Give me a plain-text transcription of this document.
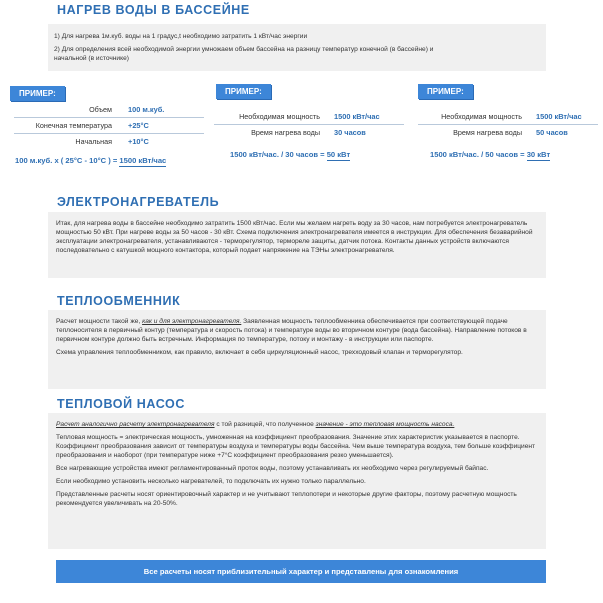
НАГРЕВ ВОДЫ В БАССЕЙНЕ

1) Для нагрева 1м.куб. воды на 1 градус,t необходимо затратить 1 кВт/час энергии

2) Для определения всей необходимой энергии умножаем объем бассейна на разницу температур конечной (в бассейне) и начальной (в источнике)

ПРИМЕР:
Объем 100 м.куб.
Конечная температура +25°C
Начальная +10°C
100 м.куб. х ( 25°C - 10°C ) = 1500 кВт/час
ПРИМЕР:
Необходимая мощность 1500 кВт/час
Время нагрева воды 30 часов
1500 кВт/час. / 30 часов = 50 кВт
ПРИМЕР:
Необходимая мощность 1500 кВт/час
Время нагрева воды 50 часов
1500 кВт/час. / 50 часов = 30 кВт
ЭЛЕКТРОНАГРЕВАТЕЛЬ

Итак, для нагрева воды в бассейне необходимо затратить 1500 кВт/час. Если мы желаем нагреть воду за 30 часов, нам потребуется электронагреватель мощностью 50 кВт. При нагреве воды за 50 часов - 30 кВт. Схема подключения электронагревателя имеется в инструкции. Для обеспечения безаварийной эксплуатации электронагревателя, устанавливаются - терморегулятор, термореле защиты, датчик потока. Контакты данных устройств включаются последовательно с катушкой мощного контактора, который подает напряжение на ТЭНы электронагревателя.

ТЕПЛООБМЕННИК

Расчет мощности такой же, как и для электронагревателя. Заявленная мощность теплообменника обеспечивается при соответствующей подаче теплоносителя в первичный контур (температура и скорость потока) и температуре воды во вторичном контуре (вода бассейна). Направление потоков в первичном контуре должно быть встречным. Информация по температуре, потоку и монтажу - в инструкции или паспорте.

Схема управления теплообменником, как правило, включает в себя циркуляционный насос, трехходовый клапан и терморегулятор.

ТЕПЛОВОЙ НАСОС

Расчет аналогично расчету электронагревателя с той разницей, что полученное значение - это тепловая мощность насоса.

Тепловая мощность = электрическая мощность, умноженная на коэффициент преобразования. Значение этих характеристик указывается в паспорте. Коэффициент преобразования зависит от температуры воздуха и температуры воды бассейна. Чем выше температура воздуха, тем больше коэффициент преобразования и наоборот (при температуре ниже +7°С коэффициент преобразования резко уменьшается).

Все нагревающие устройства имеют регламентированный проток воды, поэтому устанавливать их необходимо через регулируемый байпас.

Если необходимо установить несколько нагревателей, то подключать их нужно только параллельно.

Представленные расчеты носят ориентировочный характер и не учитывают теплопотери и некоторые другие факторы, поэтому расчетную мощность рекомендуется увеличивать на 20-50%.

Все расчеты носят приблизительный характер и представлены для ознакомления
